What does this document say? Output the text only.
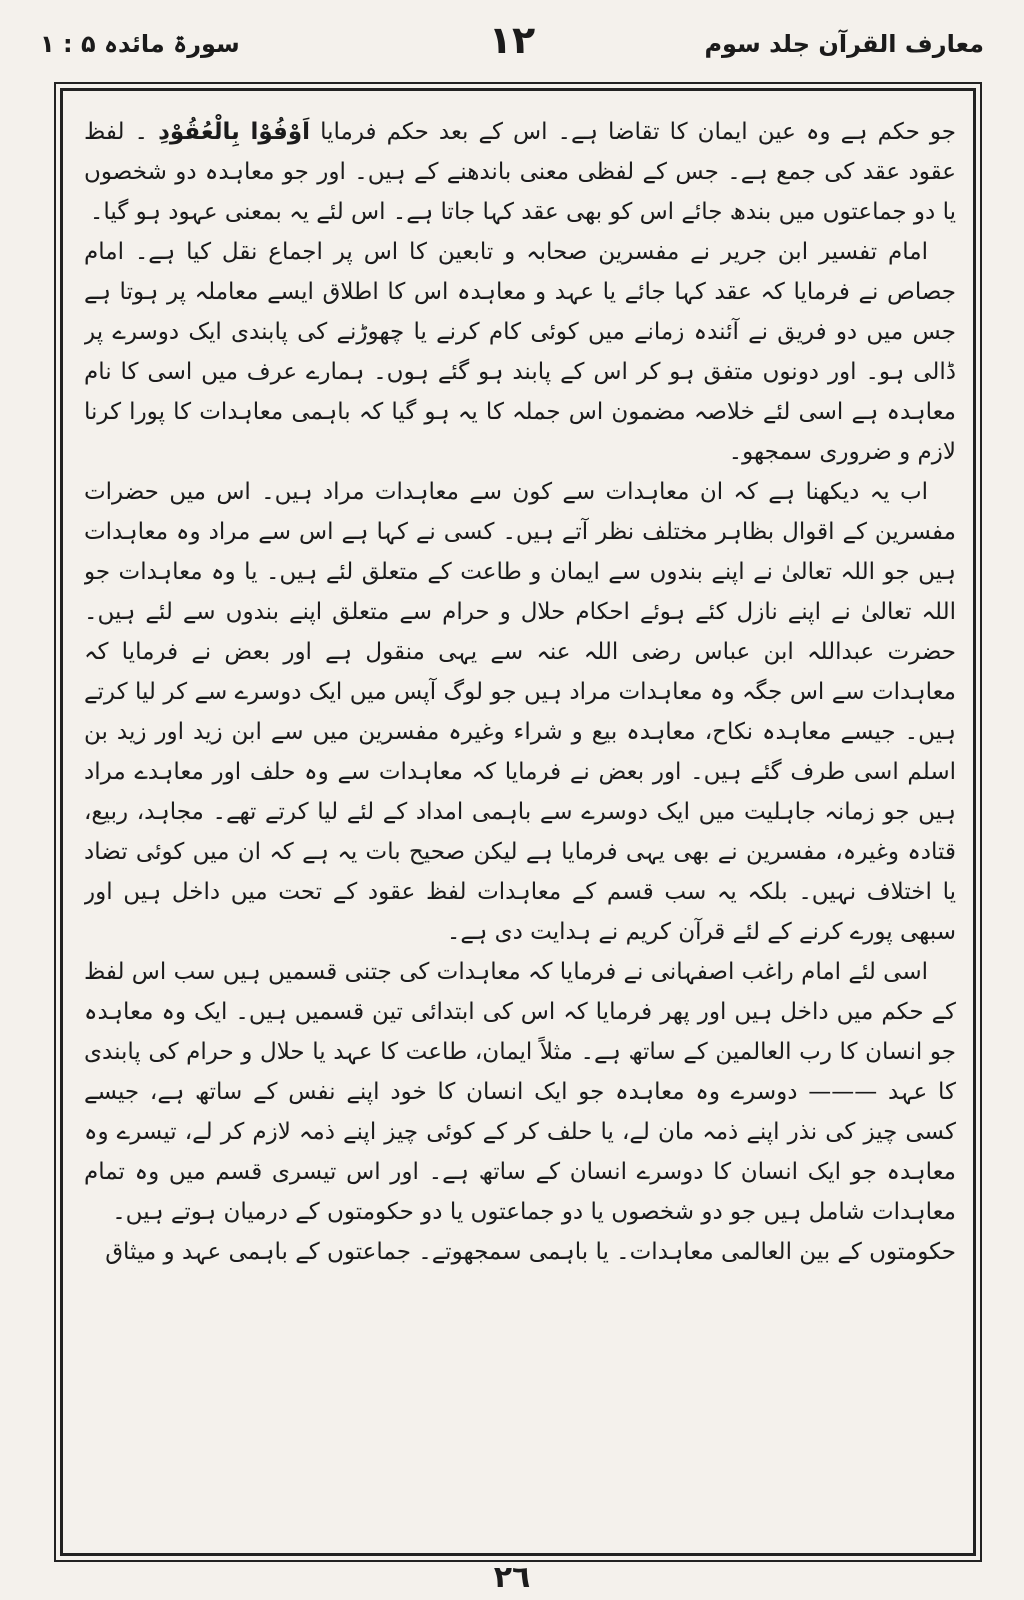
معارف القرآن جلد سوم
١٢
سورۃ مائدہ ۵ : ١

جو حکم ہے وہ عین ایمان کا تقاضا ہے۔ اس کے بعد حکم فرمایا اَوْفُوْا بِالْعُقُوْدِ ۔ لفظ عقود عقد کی جمع ہے۔ جس کے لفظی معنی باندھنے کے ہیں۔ اور جو معاہدہ دو شخصوں یا دو جماعتوں میں بندھ جائے اس کو بھی عقد کہا جاتا ہے۔ اس لئے یہ بمعنی عہود ہو گیا۔

امام تفسیر ابن جریر نے مفسرین صحابہ و تابعین کا اس پر اجماع نقل کیا ہے۔ امام جصاص نے فرمایا کہ عقد کہا جائے یا عہد و معاہدہ اس کا اطلاق ایسے معاملہ پر ہوتا ہے جس میں دو فریق نے آئندہ زمانے میں کوئی کام کرنے یا چھوڑنے کی پابندی ایک دوسرے پر ڈالی ہو۔ اور دونوں متفق ہو کر اس کے پابند ہو گئے ہوں۔ ہمارے عرف میں اسی کا نام معاہدہ ہے اسی لئے خلاصہ مضمون اس جملہ کا یہ ہو گیا کہ باہمی معاہدات کا پورا کرنا لازم و ضروری سمجھو۔

اب یہ دیکھنا ہے کہ ان معاہدات سے کون سے معاہدات مراد ہیں۔ اس میں حضرات مفسرین کے اقوال بظاہر مختلف نظر آتے ہیں۔ کسی نے کہا ہے اس سے مراد وہ معاہدات ہیں جو اللہ تعالیٰ نے اپنے بندوں سے ایمان و طاعت کے متعلق لئے ہیں۔ یا وہ معاہدات جو اللہ تعالیٰ نے اپنے نازل کئے ہوئے احکام حلال و حرام سے متعلق اپنے بندوں سے لئے ہیں۔ حضرت عبداللہ ابن عباس رضی اللہ عنہ سے یہی منقول ہے اور بعض نے فرمایا کہ معاہدات سے اس جگہ وہ معاہدات مراد ہیں جو لوگ آپس میں ایک دوسرے سے کر لیا کرتے ہیں۔ جیسے معاہدہ نکاح، معاہدہ بیع و شراء وغیرہ مفسرین میں سے ابن زید اور زید بن اسلم اسی طرف گئے ہیں۔ اور بعض نے فرمایا کہ معاہدات سے وہ حلف اور معاہدے مراد ہیں جو زمانہ جاہلیت میں ایک دوسرے سے باہمی امداد کے لئے لیا کرتے تھے۔ مجاہد، ربیع، قتادہ وغیرہ، مفسرین نے بھی یہی فرمایا ہے لیکن صحیح بات یہ ہے کہ ان میں کوئی تضاد یا اختلاف نہیں۔ بلکہ یہ سب قسم کے معاہدات لفظ عقود کے تحت میں داخل ہیں اور سبھی پورے کرنے کے لئے قرآن کریم نے ہدایت دی ہے۔

اسی لئے امام راغب اصفہانی نے فرمایا کہ معاہدات کی جتنی قسمیں ہیں سب اس لفظ کے حکم میں داخل ہیں اور پھر فرمایا کہ اس کی ابتدائی تین قسمیں ہیں۔ ایک وہ معاہدہ جو انسان کا رب العالمین کے ساتھ ہے۔ مثلاً ایمان، طاعت کا عہد یا حلال و حرام کی پابندی کا عہد ——— دوسرے وہ معاہدہ جو ایک انسان کا خود اپنے نفس کے ساتھ ہے، جیسے کسی چیز کی نذر اپنے ذمہ مان لے، یا حلف کر کے کوئی چیز اپنے ذمہ لازم کر لے، تیسرے وہ معاہدہ جو ایک انسان کا دوسرے انسان کے ساتھ ہے۔ اور اس تیسری قسم میں وہ تمام معاہدات شامل ہیں جو دو شخصوں یا دو جماعتوں یا دو حکومتوں کے درمیان ہوتے ہیں۔

حکومتوں کے بین العالمی معاہدات۔ یا باہمی سمجھوتے۔ جماعتوں کے باہمی عہد و میثاق

٢٦
